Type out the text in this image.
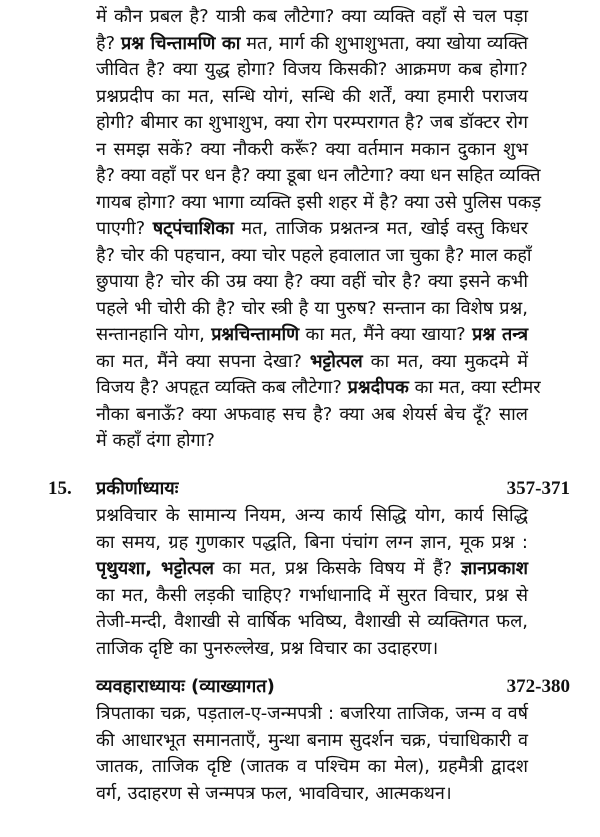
में कौन प्रबल है? यात्री कब लौटेगा? क्या व्यक्ति वहाँ से चल पड़ा
है? प्रश्न चिन्तामणि का मत, मार्ग की शुभाशुभता, क्या खोया व्यक्ति
जीवित है? क्या युद्ध होगा? विजय किसकी? आक्रमण कब होगा?
प्रश्नप्रदीप का मत, सन्धि योगं, सन्धि की शर्तें, क्या हमारी पराजय
होगी? बीमार का शुभाशुभ, क्या रोग परम्परागत है? जब डॉक्टर रोग
न समझ सकें? क्या नौकरी करूँ? क्या वर्तमान मकान दुकान शुभ
है? क्या वहाँ पर धन है? क्या डूबा धन लौटेगा? क्या धन सहित व्यक्ति
गायब होगा? क्या भागा व्यक्ति इसी शहर में है? क्या उसे पुलिस पकड़
पाएगी? षट्पंचाशिका मत, ताजिक प्रश्नतन्त्र मत, खोई वस्तु किधर
है? चोर की पहचान, क्या चोर पहले हवालात जा चुका है? माल कहाँ
छुपाया है? चोर की उम्र क्या है? क्या वहीं चोर है? क्या इसने कभी
पहले भी चोरी की है? चोर स्त्री है या पुरुष? सन्तान का विशेष प्रश्न,
सन्तानहानि योग, प्रश्नचिन्तामणि का मत, मैंने क्या खाया? प्रश्न तन्त्र
का मत, मैंने क्या सपना देखा? भट्टोत्पल का मत, क्या मुकदमे में
विजय है? अपहृत व्यक्ति कब लौटेगा? प्रश्नदीपक का मत, क्या स्टीमर
नौका बनाऊँ? क्या अफवाह सच है? क्या अब शेयर्स बेच दूँ? साल
में कहाँ दंगा होगा?
15. प्रकीर्णाध्यायः	357-371
प्रश्नविचार के सामान्य नियम, अन्य कार्य सिद्धि योग, कार्य सिद्धि
का समय, ग्रह गुणकार पद्धति, बिना पंचांग लग्न ज्ञान, मूक प्रश्न :
पृथुयशा, भट्टोत्पल का मत, प्रश्न किसके विषय में हैं? ज्ञानप्रकाश
का मत, कैसी लड़की चाहिए? गर्भाधानादि में सुरत विचार, प्रश्न से
तेजी-मन्दी, वैशाखी से वार्षिक भविष्य, वैशाखी से व्यक्तिगत फल,
ताजिक दृष्टि का पुनरुल्लेख, प्रश्न विचार का उदाहरण।
व्यवहाराध्यायः (व्याख्यागत)	372-380
त्रिपताका चक्र, पड़ताल-ए-जन्मपत्री : बजरिया ताजिक, जन्म व वर्ष
की आधारभूत समानताएँ, मुन्था बनाम सुदर्शन चक्र, पंचाधिकारी व
जातक, ताजिक दृष्टि (जातक व पश्चिम का मेल), ग्रहमैत्री द्वादश
वर्ग, उदाहरण से जन्मपत्र फल, भावविचार, आत्मकथन।
